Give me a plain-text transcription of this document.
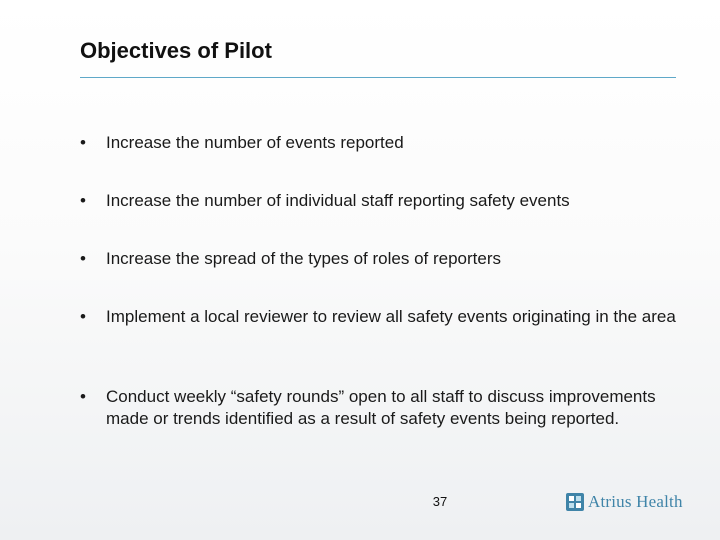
Objectives of Pilot
•	Increase the number of events reported
•	Increase the number of individual staff reporting safety events
•	Increase the spread of the types of roles of reporters
•	Implement a local reviewer to review all safety events originating in the area
•	Conduct weekly “safety rounds” open to all staff to discuss improvements made or trends identified as a result of safety events being reported.
37	Atrius Health
